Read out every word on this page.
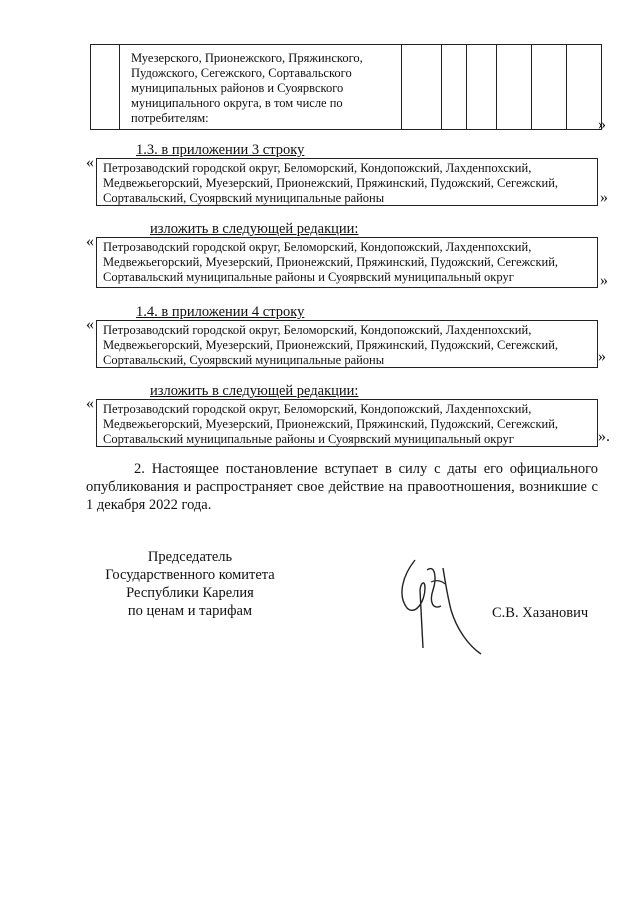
Муезерского, Прионежского, Пряжинского, Пудожского, Сегежского, Сортавальского муниципальных районов и Суоярвского муниципального округа, в том числе по потребителям:	»
1.3. в приложении 3 строку
« Петрозаводский городской округ, Беломорский, Кондопожский, Лахденпохский, Медвежьегорский, Муезерский, Прионежский, Пряжинский, Пудожский, Сегежский, Сортавальский, Суоярвский муниципальные районы	»
изложить в следующей редакции:
« Петрозаводский городской округ, Беломорский, Кондопожский, Лахденпохский, Медвежьегорский, Муезерский, Прионежский, Пряжинский, Пудожский, Сегежский, Сортавальский муниципальные районы и Суоярвский муниципальный округ	»
1.4. в приложении 4 строку
« Петрозаводский городской округ, Беломорский, Кондопожский, Лахденпохский, Медвежьегорский, Муезерский, Прионежский, Пряжинский, Пудожский, Сегежский, Сортавальский, Суоярвский муниципальные районы	»
изложить в следующей редакции:
« Петрозаводский городской округ, Беломорский, Кондопожский, Лахденпохский, Медвежьегорский, Муезерский, Прионежский, Пряжинский, Пудожский, Сегежский, Сортавальский муниципальные районы и Суоярвский муниципальный округ	».
2. Настоящее постановление вступает в силу с даты его официального опубликования и распространяет свое действие на правоотношения, возникшие с 1 декабря 2022 года.
Председатель
Государственного комитета
Республики Карелия
по ценам и тарифам	С.В. Хазанович
